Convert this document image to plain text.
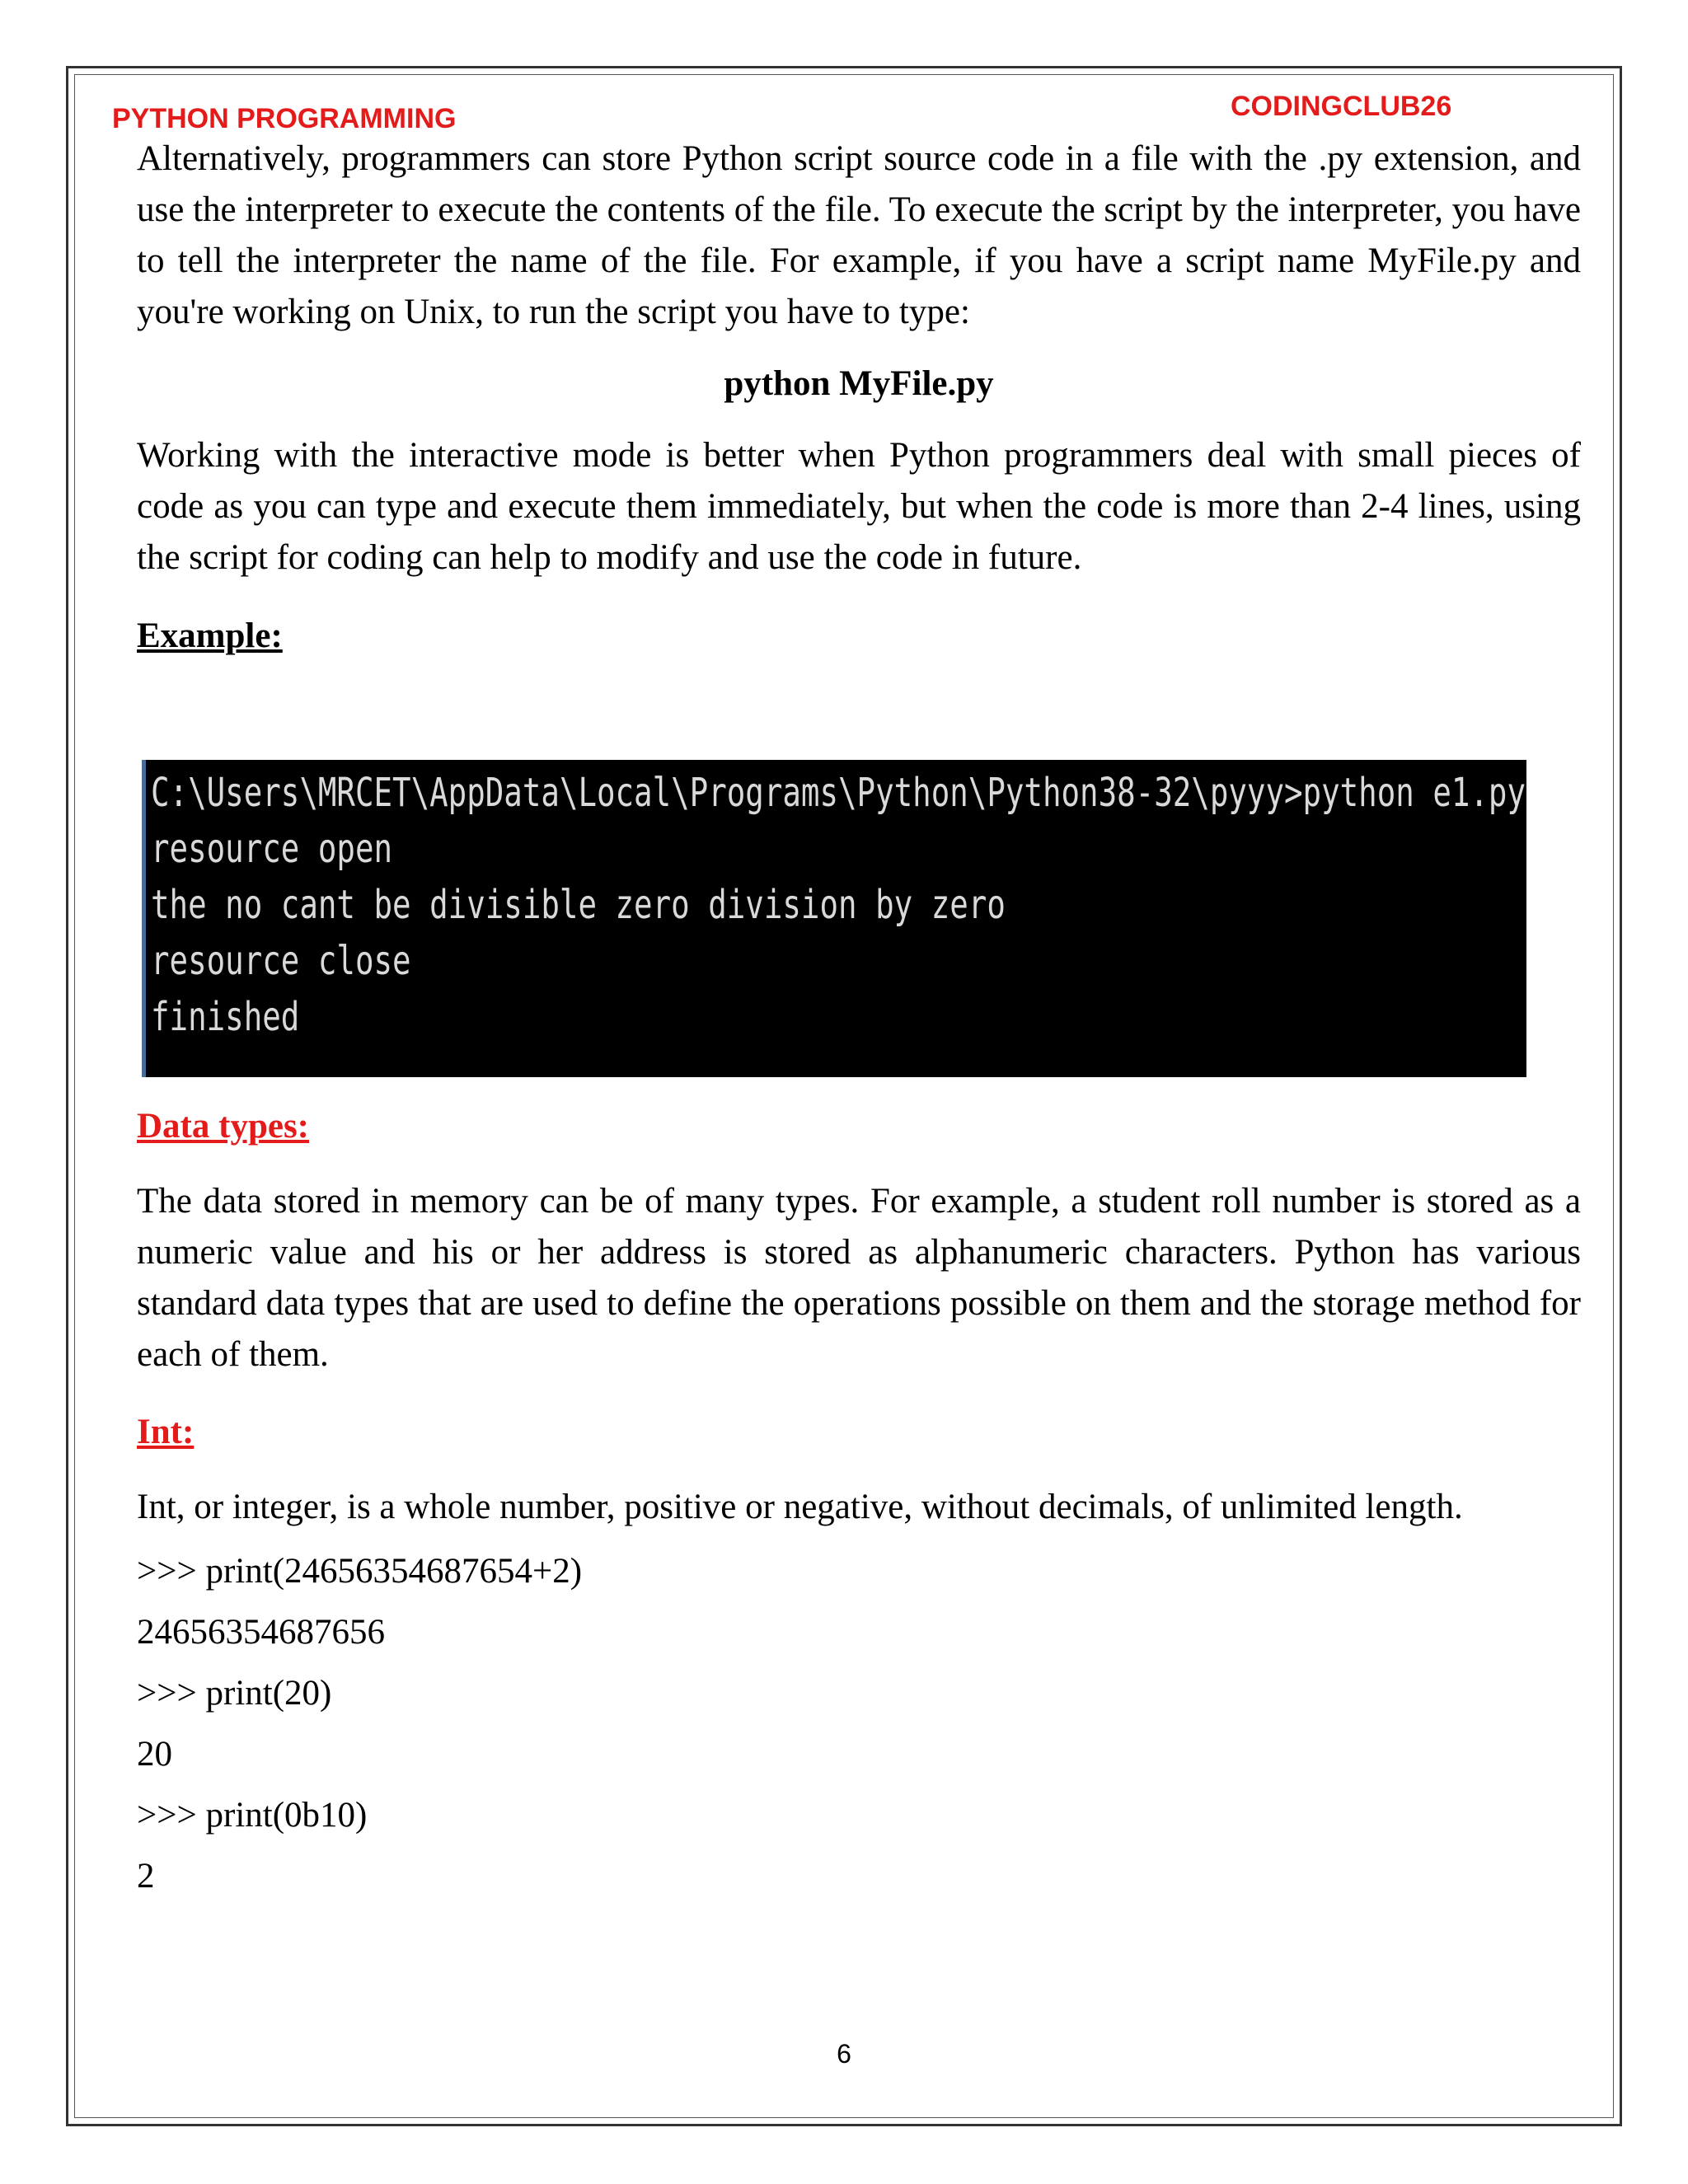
PYTHON PROGRAMMING	CODINGCLUB26

Alternatively, programmers can store Python script source code in a file with the .py extension, and use the interpreter to execute the contents of the file. To execute the script by the interpreter, you have to tell the interpreter the name of the file. For example, if you have a script name MyFile.py and you're working on Unix, to run the script you have to type:

python MyFile.py

Working with the interactive mode is better when Python programmers deal with small pieces of code as you can type and execute them immediately, but when the code is more than 2-4 lines, using the script for coding can help to modify and use the code in future.

Example:
C:\Users\MRCET\AppData\Local\Programs\Python\Python38-32\pyyy>python e1.py
resource open
the no cant be divisible zero division by zero
resource close
finished
Data types:

The data stored in memory can be of many types. For example, a student roll number is stored as a numeric value and his or her address is stored as alphanumeric characters. Python has various standard data types that are used to define the operations possible on them and the storage method for each of them.

Int:

Int, or integer, is a whole number, positive or negative, without decimals, of unlimited length.

>>> print(24656354687654+2)

24656354687656

>>> print(20)

20

>>> print(0b10)

2

6
